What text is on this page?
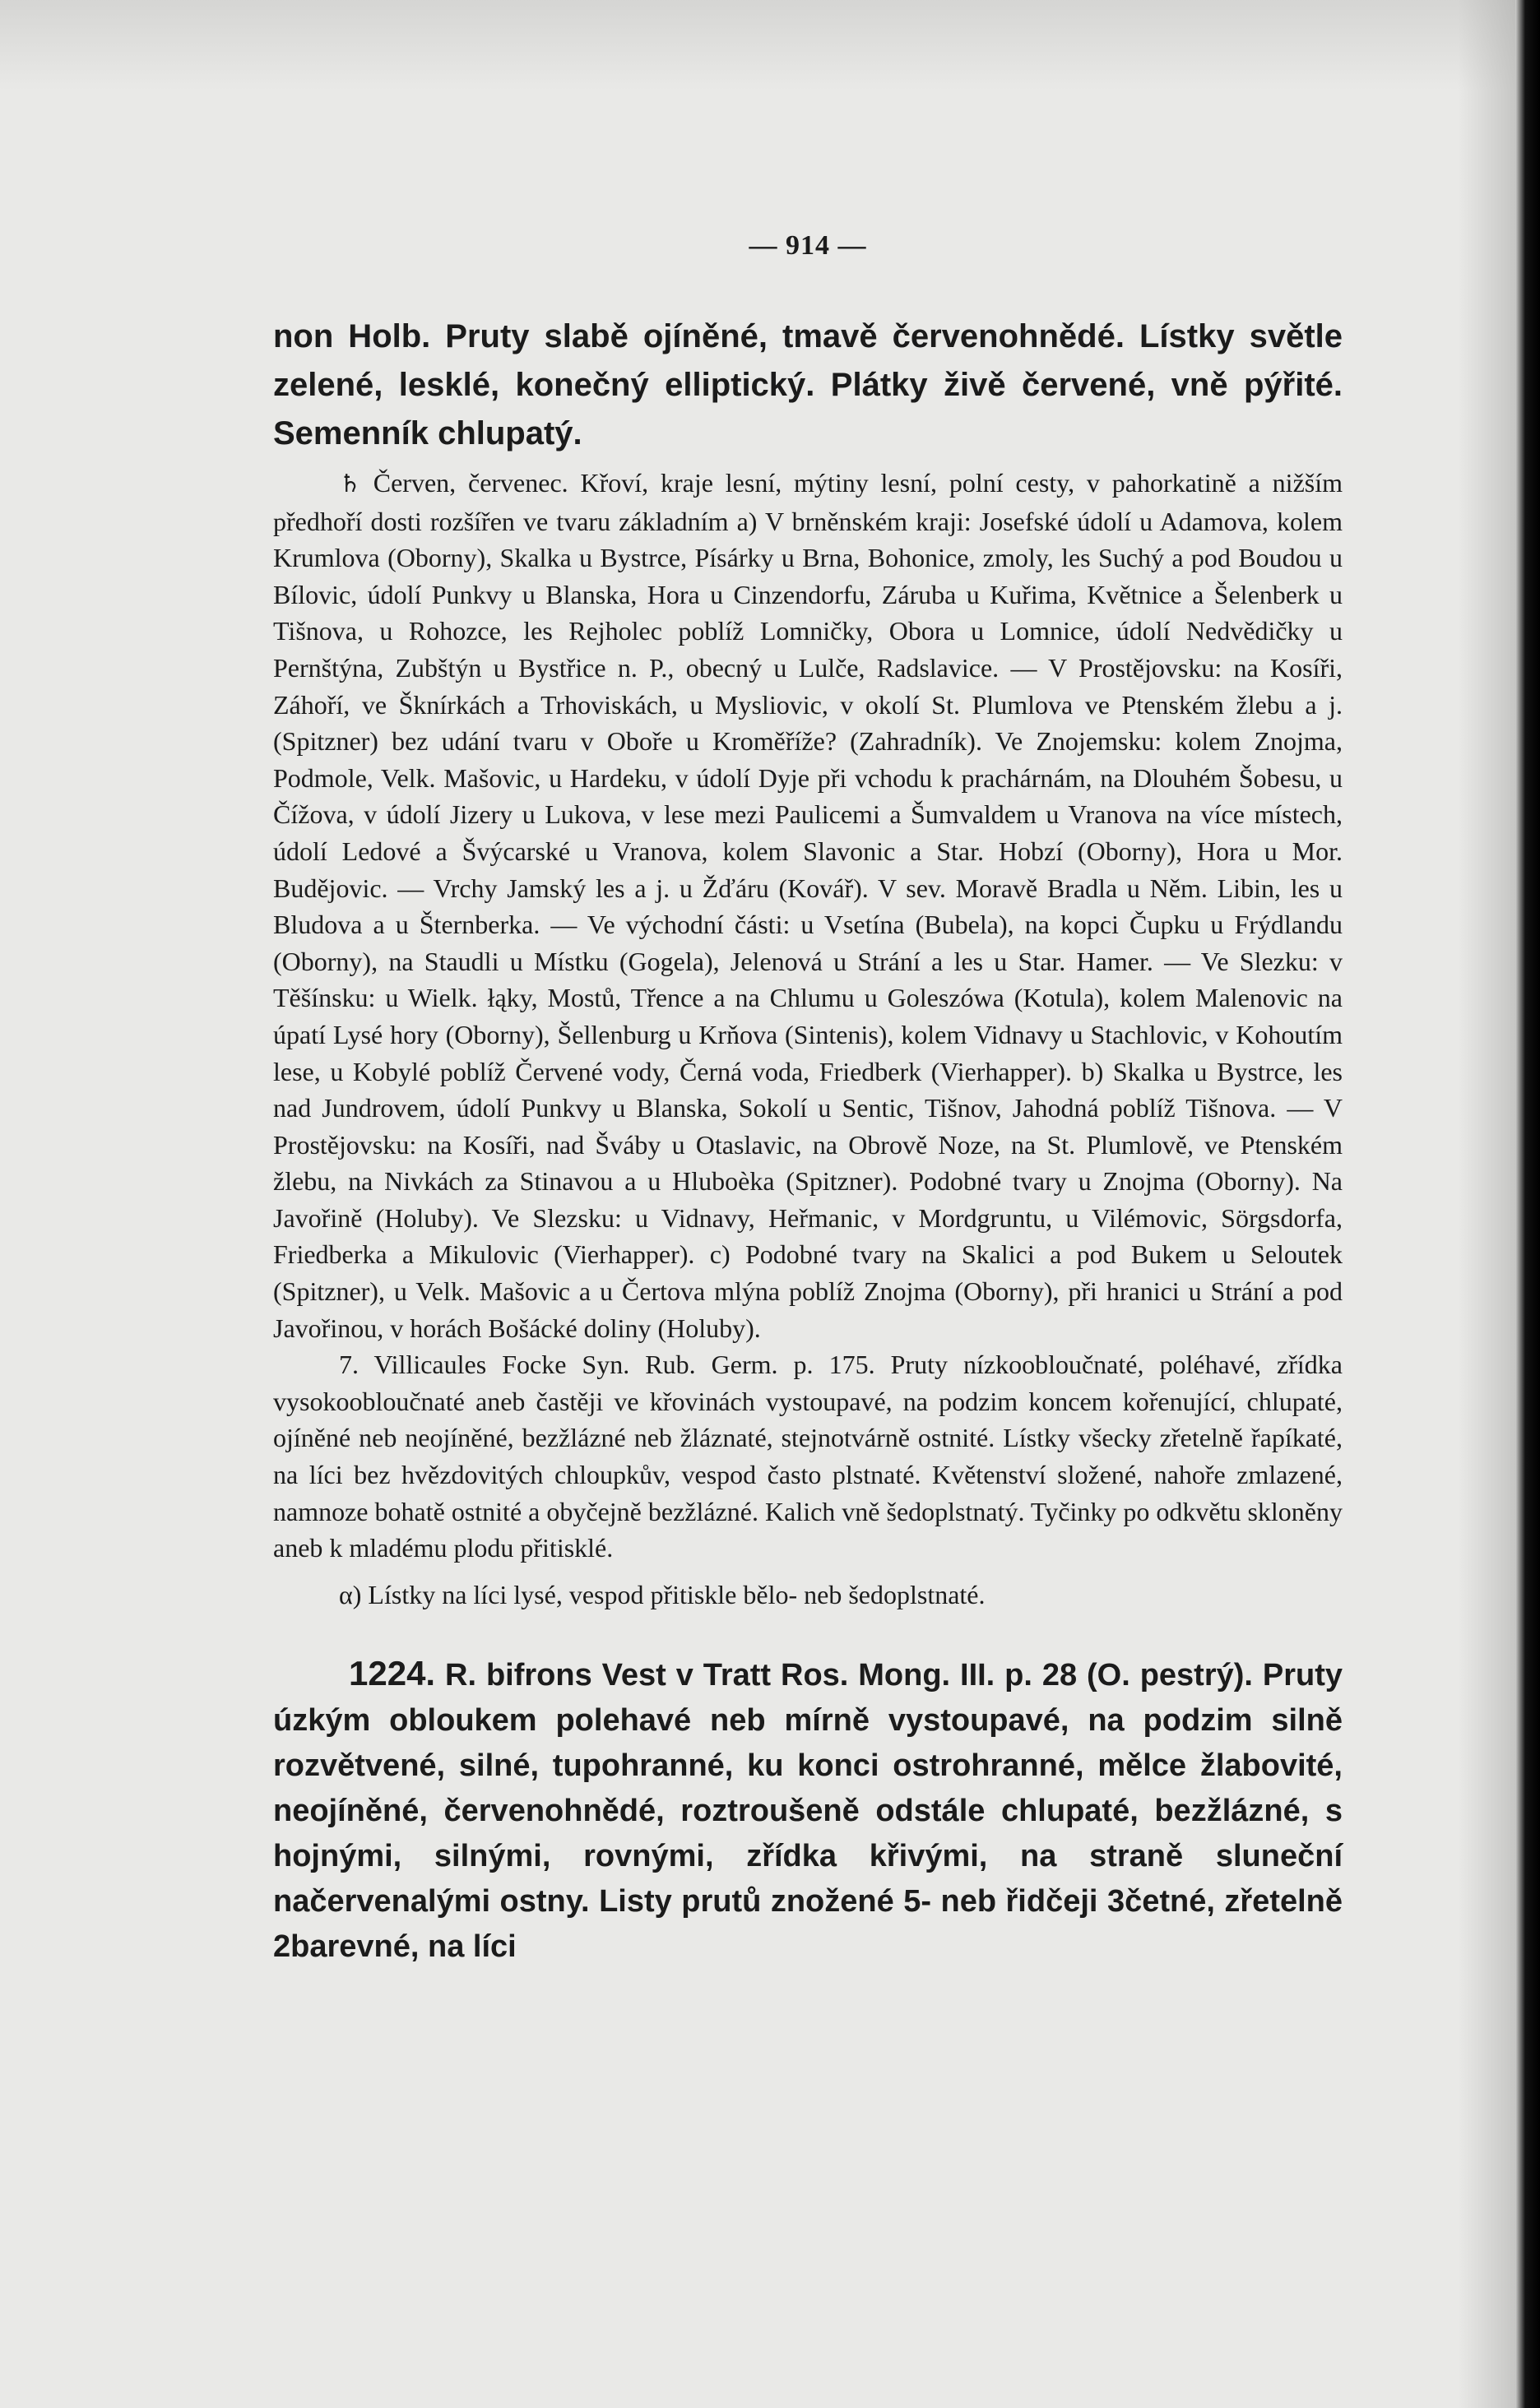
— 914 —

non Holb. Pruty slabě ojíněné, tmavě červenohnědé. Lístky světle zelené, lesklé, konečný elliptický. Plátky živě červené, vně pýřité. Semenník chlupatý.

♄ Červen, červenec. Křoví, kraje lesní, mýtiny lesní, polní cesty, v pahorkatině a nižším předhoří dosti rozšířen ve tvaru základním a) V brněnském kraji: Josefské údolí u Adamova, kolem Krumlova (Oborny), Skalka u Bystrce, Písárky u Brna, Bohonice, zmoly, les Suchý a pod Boudou u Bílovic, údolí Punkvy u Blanska, Hora u Cinzendorfu, Záruba u Kuřima, Květnice a Šelenberk u Tišnova, u Rohozce, les Rejholec poblíž Lomničky, Obora u Lomnice, údolí Nedvědičky u Pernštýna, Zubštýn u Bystřice n. P., obecný u Lulče, Radslavice. — V Prostějovsku: na Kosíři, Záhoří, ve Šknírkách a Trhoviskách, u Mysliovic, v okolí St. Plumlova ve Ptenském žlebu a j. (Spitzner) bez udání tvaru v Oboře u Kroměříže? (Zahradník). Ve Znojemsku: kolem Znojma, Podmole, Velk. Mašovic, u Hardeku, v údolí Dyje při vchodu k prachárnám, na Dlouhém Šobesu, u Čížova, v údolí Jizery u Lukova, v lese mezi Paulicemi a Šumvaldem u Vranova na více místech, údolí Ledové a Švýcarské u Vranova, kolem Slavonic a Star. Hobzí (Oborny), Hora u Mor. Budějovic. — Vrchy Jamský les a j. u Žďáru (Kovář). V sev. Moravě Bradla u Něm. Libin, les u Bludova a u Šternberka. — Ve východní části: u Vsetína (Bubela), na kopci Čupku u Frýdlandu (Oborny), na Staudli u Místku (Gogela), Jelenová u Strání a les u Star. Hamer. — Ve Slezku: v Těšínsku: u Wielk. łąky, Mostů, Třence a na Chlumu u Goleszówa (Kotula), kolem Malenovic na úpatí Lysé hory (Oborny), Šellenburg u Krňova (Sintenis), kolem Vidnavy u Stachlovic, v Kohoutím lese, u Kobylé poblíž Červené vody, Černá voda, Friedberk (Vierhapper). b) Skalka u Bystrce, les nad Jundrovem, údolí Punkvy u Blanska, Sokolí u Sentic, Tišnov, Jahodná poblíž Tišnova. — V Prostějovsku: na Kosíři, nad Šváby u Otaslavic, na Obrově Noze, na St. Plumlově, ve Ptenském žlebu, na Nivkách za Stinavou a u Hluboèka (Spitzner). Podobné tvary u Znojma (Oborny). Na Javořině (Holuby). Ve Slezsku: u Vidnavy, Heřmanic, v Mordgruntu, u Vilémovic, Sörgsdorfa, Friedberka a Mikulovic (Vierhapper). c) Podobné tvary na Skalici a pod Bukem u Seloutek (Spitzner), u Velk. Mašovic a u Čertova mlýna poblíž Znojma (Oborny), při hranici u Strání a pod Javořinou, v horách Bošácké doliny (Holuby).

7. Villicaules Focke Syn. Rub. Germ. p. 175. Pruty nízkoobloučnaté, poléhavé, zřídka vysokoobloučnaté aneb častěji ve křovinách vystoupavé, na podzim koncem kořenující, chlupaté, ojíněné neb neojíněné, bezžlázné neb žláznaté, stejnotvárně ostnité. Lístky všecky zřetelně řapíkaté, na líci bez hvězdovitých chloupkův, vespod často plstnaté. Květenství složené, nahoře zmlazené, namnoze bohatě ostnité a obyčejně bezžlázné. Kalich vně šedoplstnatý. Tyčinky po odkvětu skloněny aneb k mladému plodu přitisklé.

α) Lístky na líci lysé, vespod přitiskle bělo- neb šedoplstnaté.

1224. R. bifrons Vest v Tratt Ros. Mong. III. p. 28 (O. pestrý). Pruty úzkým obloukem polehavé neb mírně vystoupavé, na podzim silně rozvětvené, silné, tupohranné, ku konci ostrohranné, mělce žlabovité, neojíněné, červenohnědé, roztroušeně odstále chlupaté, bezžlázné, s hojnými, silnými, rovnými, zřídka křivými, na straně sluneční načervenalými ostny. Listy prutů znožené 5- neb řidčeji 3četné, zřetelně 2barevné, na líci
